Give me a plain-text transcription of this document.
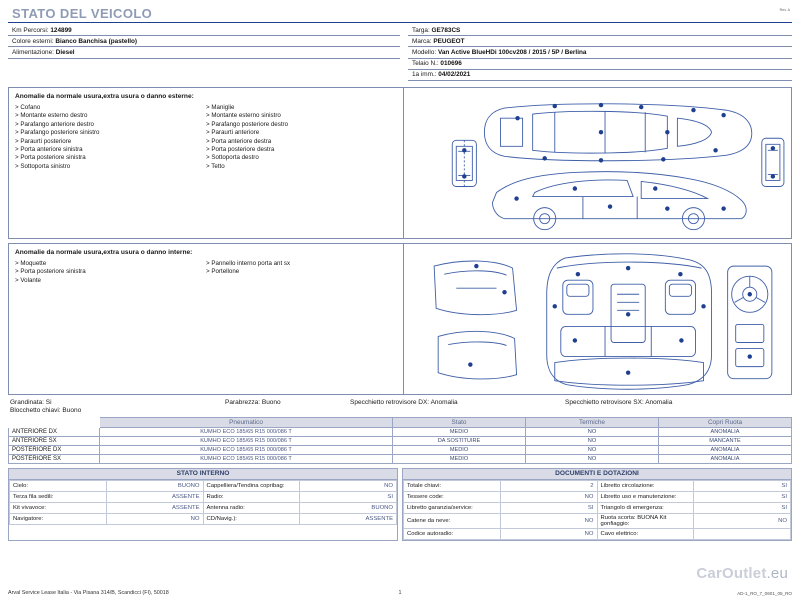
STATO DEL VEICOLO	Rev. A
Km Percorsi: 124899
Colore esterni: Bianco Banchisa (pastello)
Alimentazione: Diesel

Targa: GE783CS
Marca: PEUGEOT
Modello: Van Active BlueHDi 100cv208 / 2015 / 5P / Berlina
Telaio N.: 010696
1a imm.: 04/02/2021
Anomalie da normale usura,extra usura o danno esterne:
> Cofano
> Montante esterno destro
> Parafango anteriore destro
> Parafango posteriore sinistro
> Paraurti posteriore
> Porta anteriore sinistra
> Porta posteriore sinistra
> Sottoporta sinistro
> Maniglie
> Montante esterno sinistro
> Parafango posteriore destro
> Paraurti anteriore
> Porta anteriore destra
> Porta posteriore destra
> Sottoporta destro
> Tetto
Anomalie da normale usura,extra usura o danno interne:
> Moquette
> Porta posteriore sinistra
> Volante
> Pannello interno porta ant sx
> Portellone
Grandinata: Si	Parabrezza: Buono	Specchietto retrovisore DX: Anomalia	Specchietto retrovisore SX: Anomalia
Blocchetto chiavi: Buono
	Pneumatico	Stato	Termiche	Copri Ruota
ANTERIORE DX	KUMHO ECO 185/65 R15 000/086 T	MEDIO	NO	ANOMALIA
ANTERIORE SX	KUMHO ECO 185/65 R15 000/086 T	DA SOSTITUIRE	NO	MANCANTE
POSTERIORE DX	KUMHO ECO 185/65 R15 000/086 T	MEDIO	NO	ANOMALIA
POSTERIORE SX	KUMHO ECO 185/65 R15 000/086 T	MEDIO	NO	ANOMALIA
STATO INTERNO
Cielo:	BUONO	Cappelliera/Tendina copribag:	NO
Terza fila sedili:	ASSENTE	Radio:	SI
Kit vivavoce:	ASSENTE	Antenna radio:	BUONO
Navigatore:	NO	CD/Navig.):	ASSENTE
DOCUMENTI E DOTAZIONI
Totale chiavi:	2	Libretto circolazione:	SI
Tessere code:	NO	Libretto uso e manutenzione:	SI
Libretto garanzia/service:	SI	Triangolo di emergenza:	SI
Catene da neve:	NO	Ruota scorta: BUONA Kit gonfiaggio:	NO
Codice autoradio:	NO	Cavo elettrico:	
CarOutlet.eu
Arval Service Lease Italia - Via Pisana 314/B, Scandicci (FI), 50018	1	AD-1_RO_7_0601_05_RO
